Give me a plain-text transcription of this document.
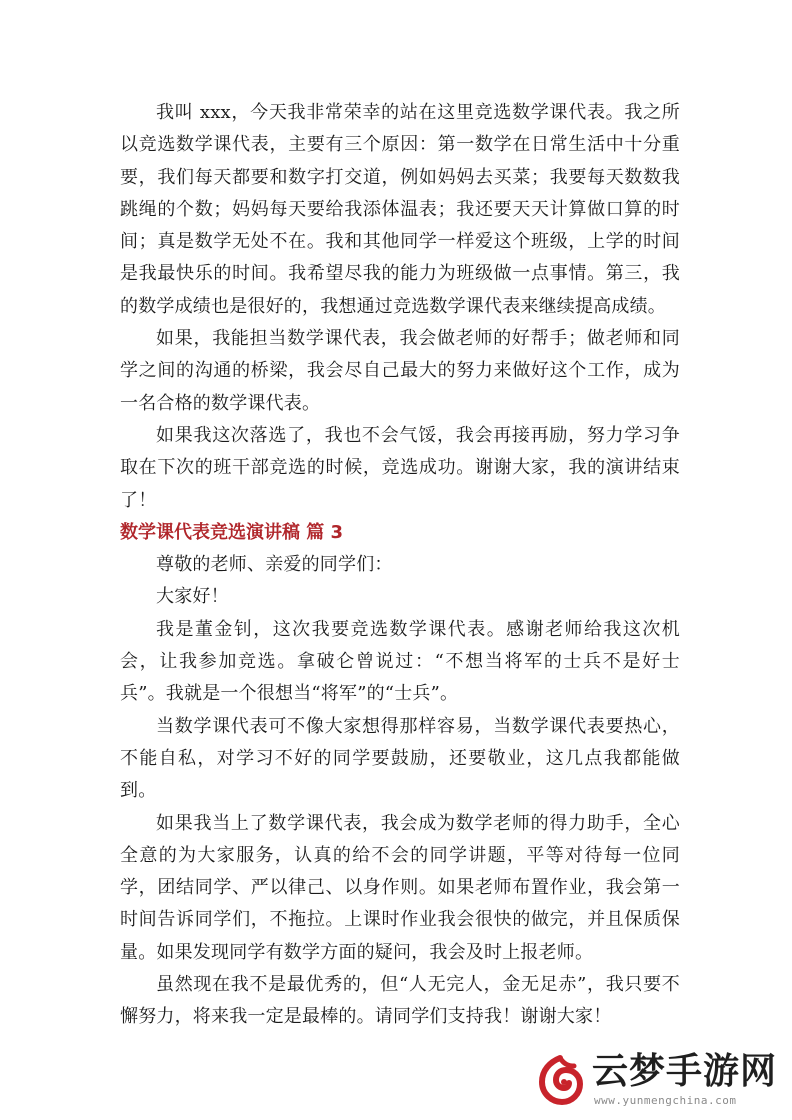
我叫 xxx，今天我非常荣幸的站在这里竞选数学课代表。我之所以竞选数学课代表，主要有三个原因：第一数学在日常生活中十分重要，我们每天都要和数字打交道，例如妈妈去买菜；我要每天数数我跳绳的个数；妈妈每天要给我添体温表；我还要天天计算做口算的时间；真是数学无处不在。我和其他同学一样爱这个班级，上学的时间是我最快乐的时间。我希望尽我的能力为班级做一点事情。第三，我的数学成绩也是很好的，我想通过竞选数学课代表来继续提高成绩。

如果，我能担当数学课代表，我会做老师的好帮手；做老师和同学之间的沟通的桥梁，我会尽自己最大的努力来做好这个工作，成为一名合格的数学课代表。

如果我这次落选了，我也不会气馁，我会再接再励，努力学习争取在下次的班干部竞选的时候，竞选成功。谢谢大家，我的演讲结束了！

数学课代表竞选演讲稿 篇 3

尊敬的老师、亲爱的同学们：

大家好！

我是董金钊，这次我要竞选数学课代表。感谢老师给我这次机会，让我参加竞选。拿破仑曾说过：“不想当将军的士兵不是好士兵”。我就是一个很想当“将军”的“士兵”。

当数学课代表可不像大家想得那样容易，当数学课代表要热心，不能自私，对学习不好的同学要鼓励，还要敬业，这几点我都能做到。

如果我当上了数学课代表，我会成为数学老师的得力助手，全心全意的为大家服务，认真的给不会的同学讲题，平等对待每一位同学，团结同学、严以律己、以身作则。如果老师布置作业，我会第一时间告诉同学们，不拖拉。上课时作业我会很快的做完，并且保质保量。如果发现同学有数学方面的疑问，我会及时上报老师。

虽然现在我不是最优秀的，但“人无完人，金无足赤”，我只要不懈努力，将来我一定是最棒的。请同学们支持我！谢谢大家！

云梦手游网
www.yunmengchina.com
